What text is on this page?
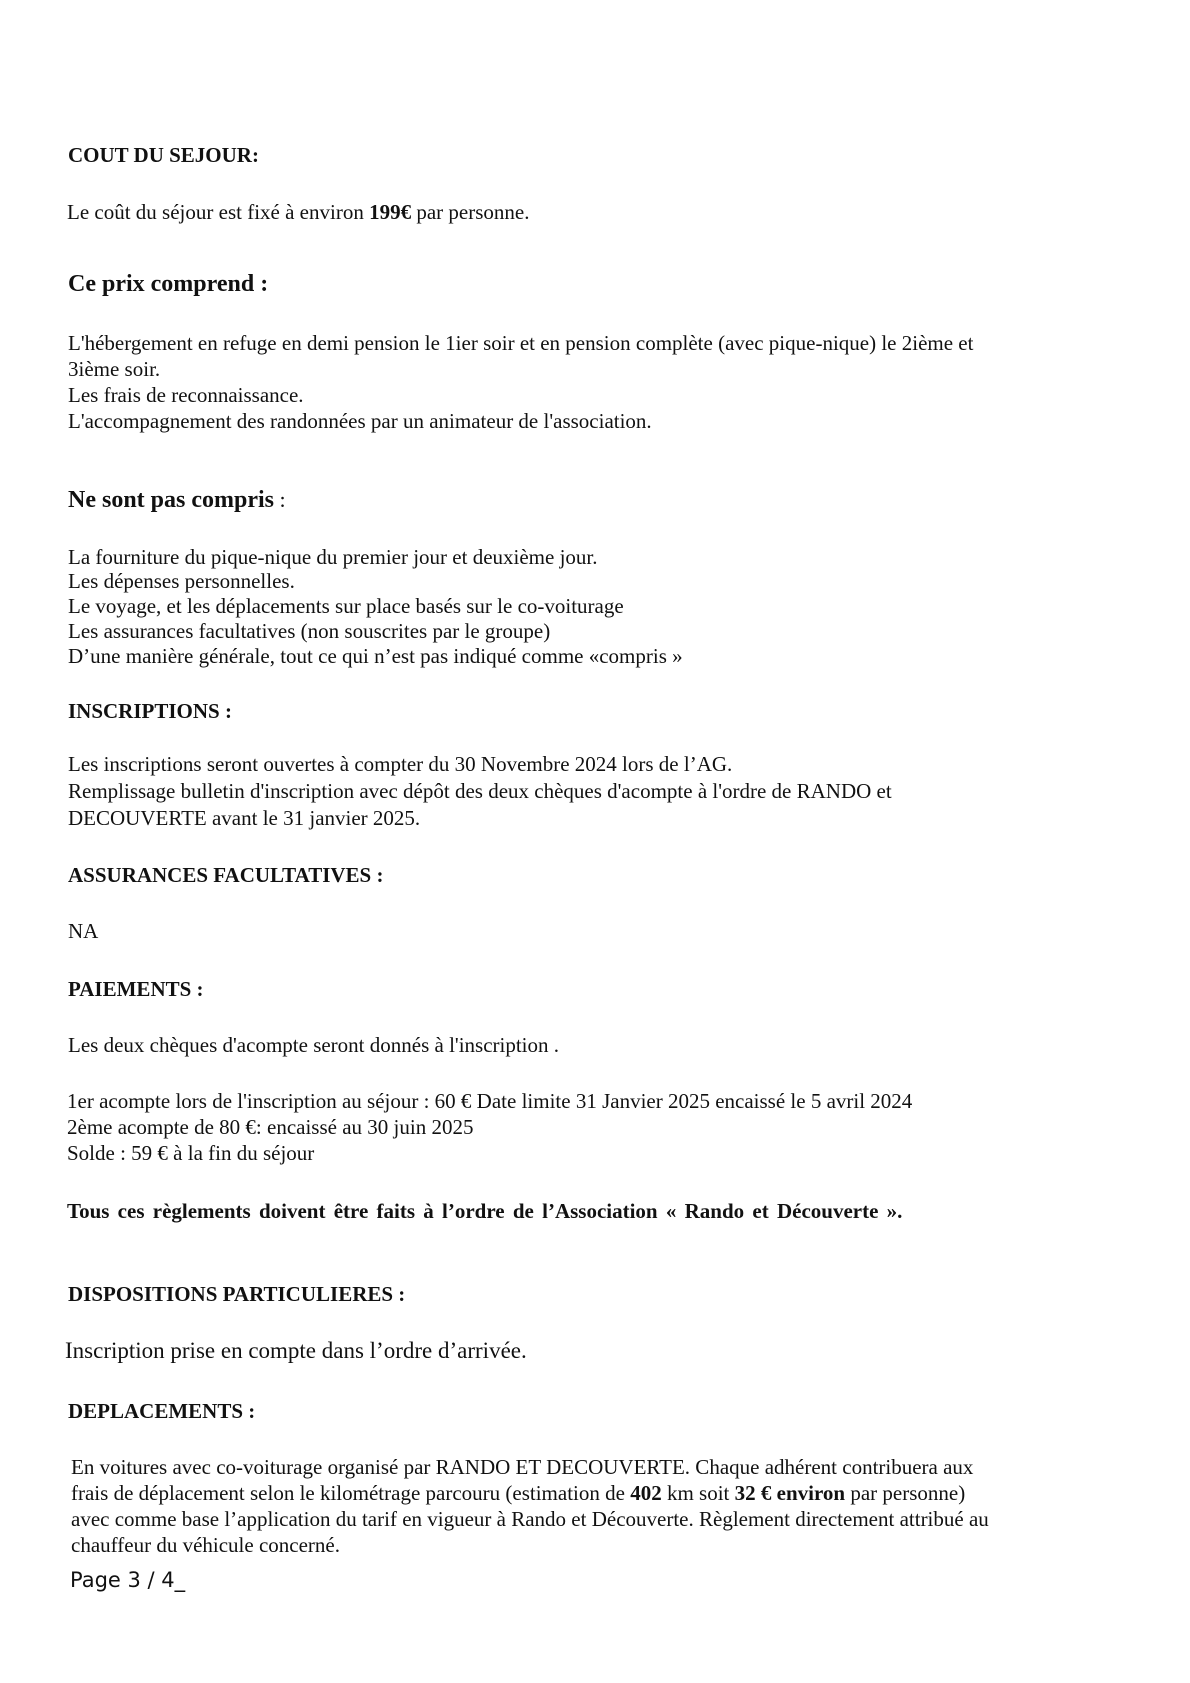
COUT DU SEJOUR:
Le coût du séjour est fixé à environ 199€ par personne.
Ce prix comprend :
L'hébergement en refuge en demi pension le 1ier soir et en pension complète (avec pique-nique) le 2ième et
3ième soir.
Les frais de reconnaissance.
L'accompagnement des randonnées par un animateur de l'association.
Ne sont pas compris :
La fourniture du pique-nique du premier jour et deuxième jour.
Les dépenses personnelles.
Le voyage, et les déplacements sur place basés sur le co-voiturage
Les assurances facultatives (non souscrites par le groupe)
D’une manière générale, tout ce qui n’est pas indiqué comme «compris »
INSCRIPTIONS :
Les inscriptions seront ouvertes à compter du 30 Novembre 2024 lors de l’AG.
Remplissage bulletin d'inscription avec dépôt des deux chèques d'acompte à l'ordre de RANDO et
DECOUVERTE avant le 31 janvier 2025.
ASSURANCES FACULTATIVES :
NA
PAIEMENTS :
Les deux chèques d'acompte seront donnés à l'inscription .
1er acompte lors de l'inscription au séjour : 60 € Date limite 31 Janvier 2025 encaissé le 5 avril 2024
2ème acompte de 80 €: encaissé au 30 juin 2025
Solde : 59 € à la fin du séjour
Tous ces règlements doivent être faits à l’ordre de l’Association « Rando et Découverte ».
DISPOSITIONS PARTICULIERES :
Inscription prise en compte dans l’ordre d’arrivée.
DEPLACEMENTS :
En voitures avec co-voiturage organisé par RANDO ET DECOUVERTE. Chaque adhérent contribuera aux
frais de déplacement selon le kilométrage parcouru (estimation de 402 km soit 32 € environ par personne)
avec comme base l’application du tarif en vigueur à Rando et Découverte. Règlement directement attribué au
chauffeur du véhicule concerné.
Page 3 / 4_
